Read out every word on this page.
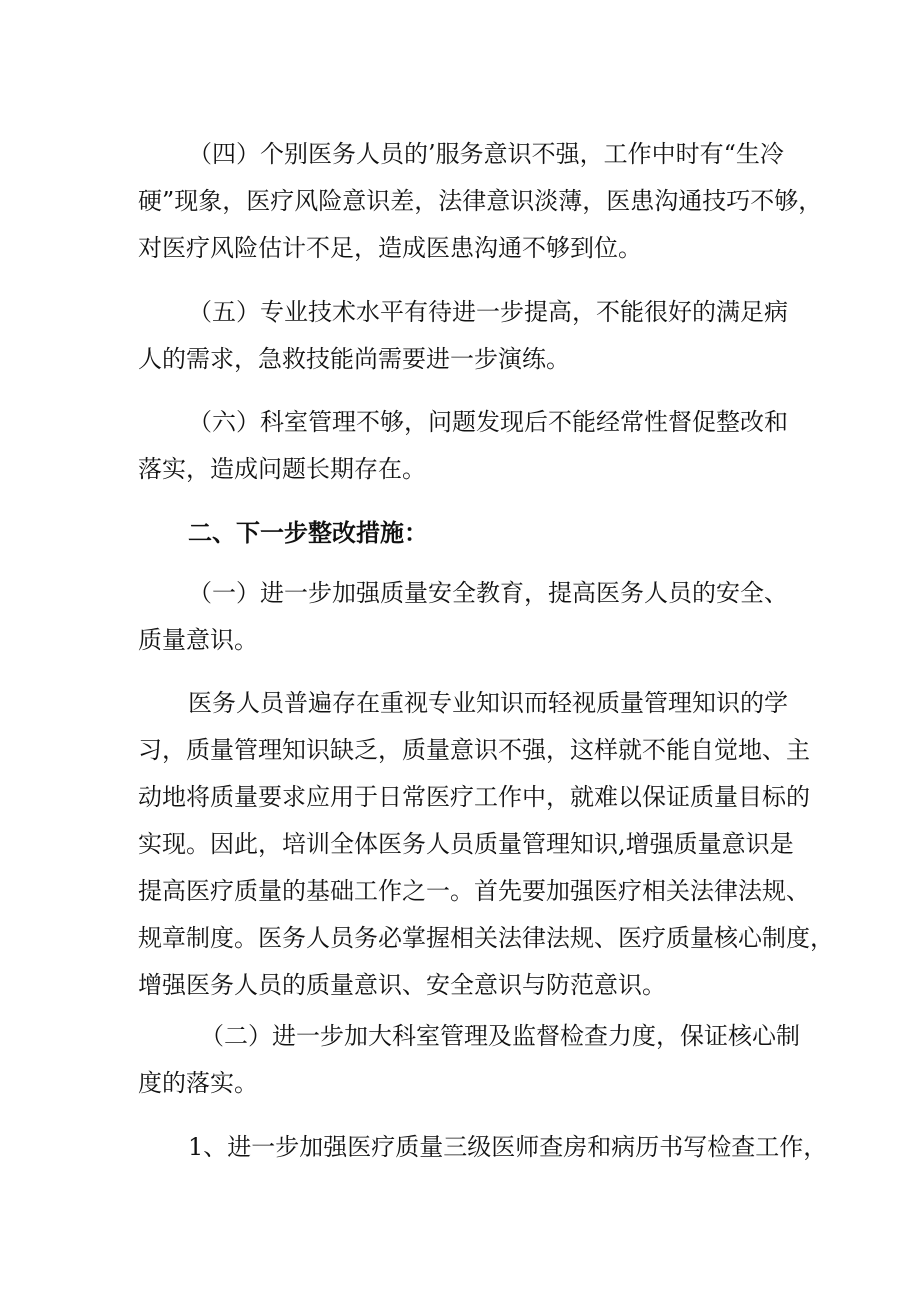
（四）个别医务人员的’服务意识不强，工作中时有“生冷
硬”现象，医疗风险意识差，法律意识淡薄，医患沟通技巧不够，
对医疗风险估计不足，造成医患沟通不够到位。
（五）专业技术水平有待进一步提高，不能很好的满足病
人的需求，急救技能尚需要进一步演练。
（六）科室管理不够，问题发现后不能经常性督促整改和
落实，造成问题长期存在。
二、下一步整改措施：
（一）进一步加强质量安全教育，提高医务人员的安全、
质量意识。
医务人员普遍存在重视专业知识而轻视质量管理知识的学
习，质量管理知识缺乏，质量意识不强，这样就不能自觉地、主
动地将质量要求应用于日常医疗工作中，就难以保证质量目标的
实现。因此，培训全体医务人员质量管理知识,增强质量意识是
提高医疗质量的基础工作之一。首先要加强医疗相关法律法规、
规章制度。医务人员务必掌握相关法律法规、医疗质量核心制度，
增强医务人员的质量意识、安全意识与防范意识。
（二）进一步加大科室管理及监督检查力度，保证核心制
度的落实。
1、进一步加强医疗质量三级医师查房和病历书写检查工作，
